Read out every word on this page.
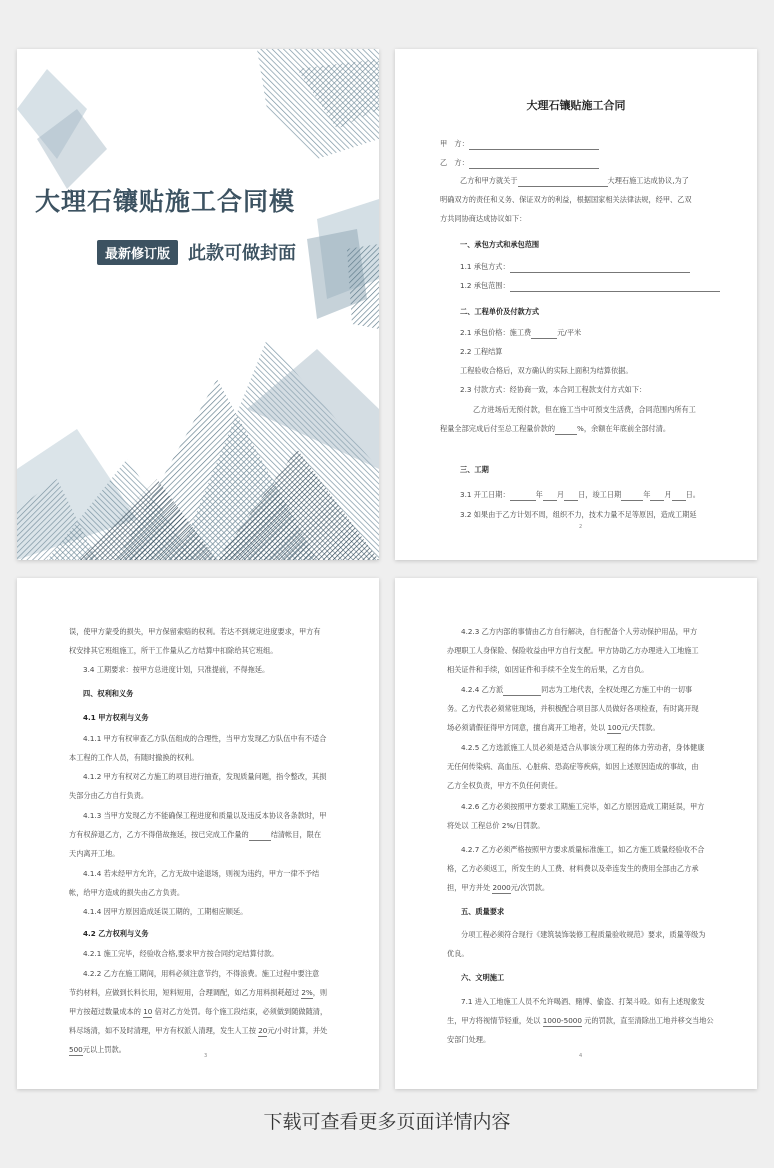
大理石镶贴施工合同模
最新修订版	此款可做封面
大理石镶贴施工合同
甲　方：
乙　方：
乙方和甲方就关于	大理石施工达成协议,为了
明确双方的责任和义务、保证双方的利益，根据国家相关法律法规，经甲、乙双
方共同协商达成协议如下：
一、承包方式和承包范围
1.1 承包方式：
1.2 承包范围：
二、工程单价及付款方式
2.1 承包价格：施工费	元/平米
2.2 工程结算
工程验收合格后，双方确认的实际上面积为结算依据。
2.3 付款方式：经协商一致，本合同工程款支付方式如下：
乙方进场后无预付款，但在施工当中可预支生活费，合同范围内所有工
程量全部完成后付至总工程量价款的	%，余额在年底前全部付清。
三、工期
3.1 开工日期：	年 月 日，竣工日期	年 月 日。
3.2 如果由于乙方计划不周，组织不力，技术力量不足等原因，造成工期延
2
误，使甲方蒙受的损失，甲方保留索赔的权利。若达不到规定进度要求，甲方有
权安排其它班组施工，所干工作量从乙方结算中扣除给其它班组。
3.4 工期要求：按甲方总进度计划，只准提前，不得拖延。
四、权利和义务
4.1 甲方权利与义务
4.1.1 甲方有权审查乙方队伍组成的合理性，当甲方发现乙方队伍中有不适合
本工程的工作人员，有随时撤换的权利。
4.1.2 甲方有权对乙方施工的项目进行抽查，发现质量问题，指令整改，其损
失部分由乙方自行负责。
4.1.3 当甲方发现乙方不能确保工程进度和质量以及违反本协议各条款时，甲
方有权辞退乙方，乙方不得借故拖延，按已完成工作量的	结清帐目，限在
天内离开工地。
4.1.4 若未经甲方允许，乙方无故中途退场，则视为违约，甲方一律不予结
帐，给甲方造成的损失由乙方负责。
4.1.4 因甲方原因造成延误工期的，工期相应顺延。
4.2 乙方权利与义务
4.2.1 施工完毕，经验收合格,要求甲方按合同约定结算付款。
4.2.2 乙方在施工期间，用料必须注意节约，不得浪费。施工过程中要注意
节约材料，应做到长料长用，短料短用，合理调配，如乙方用料损耗超过 2%，则
甲方按超过数量成本的 10 倍对乙方处罚。每个施工段结束，必须做到随做随清，
料尽场清，如不及时清理，甲方有权派人清理，发生人工按 20元/小时计算，并处
500元以上罚款。
3
4.2.3 乙方内部的事情由乙方自行解决，自行配备个人劳动保护用品，甲方
办理职工人身保险、保险收益由甲方自行支配。甲方协助乙方办理进入工地施工
相关证件和手续，如因证件和手续不全发生的后果，乙方自负。
4.2.4 乙方派	同志为工地代表，全权处理乙方施工中的一切事
务。乙方代表必须常驻现场，并积极配合项目部人员做好各项检查，有时离开现
场必须请假征得甲方同意，擅自离开工地者，处以 100元/天罚款。
4.2.5 乙方选派施工人员必须是适合从事该分项工程的体力劳动者，身体健康
无任何传染病、高血压、心脏病、恐高症等疾病，如因上述原因造成的事故，由
乙方全权负责，甲方不负任何责任。
4.2.6 乙方必须按照甲方要求工期施工完毕，如乙方原因造成工期延误，甲方
将处以 工程总价 2%/日罚款。
4.2.7 乙方必须严格按照甲方要求质量标准施工，如乙方施工质量经验收不合
格，乙方必须返工，所发生的人工费、材料费以及牵连发生的费用全部由乙方承
担，甲方并处 2000元/次罚款。
五、质量要求
分项工程必须符合现行《建筑装饰装修工程质量验收规范》要求，质量等级为
优良。
六、文明施工
7.1 进入工地施工人员不允许喝酒、赌博、偷盗、打架斗殴。如有上述现象发
生，甲方将视情节轻重，处以 1000-5000 元的罚款，直至清除出工地并移交当地公
安部门处理。
4
下载可查看更多页面详情内容
